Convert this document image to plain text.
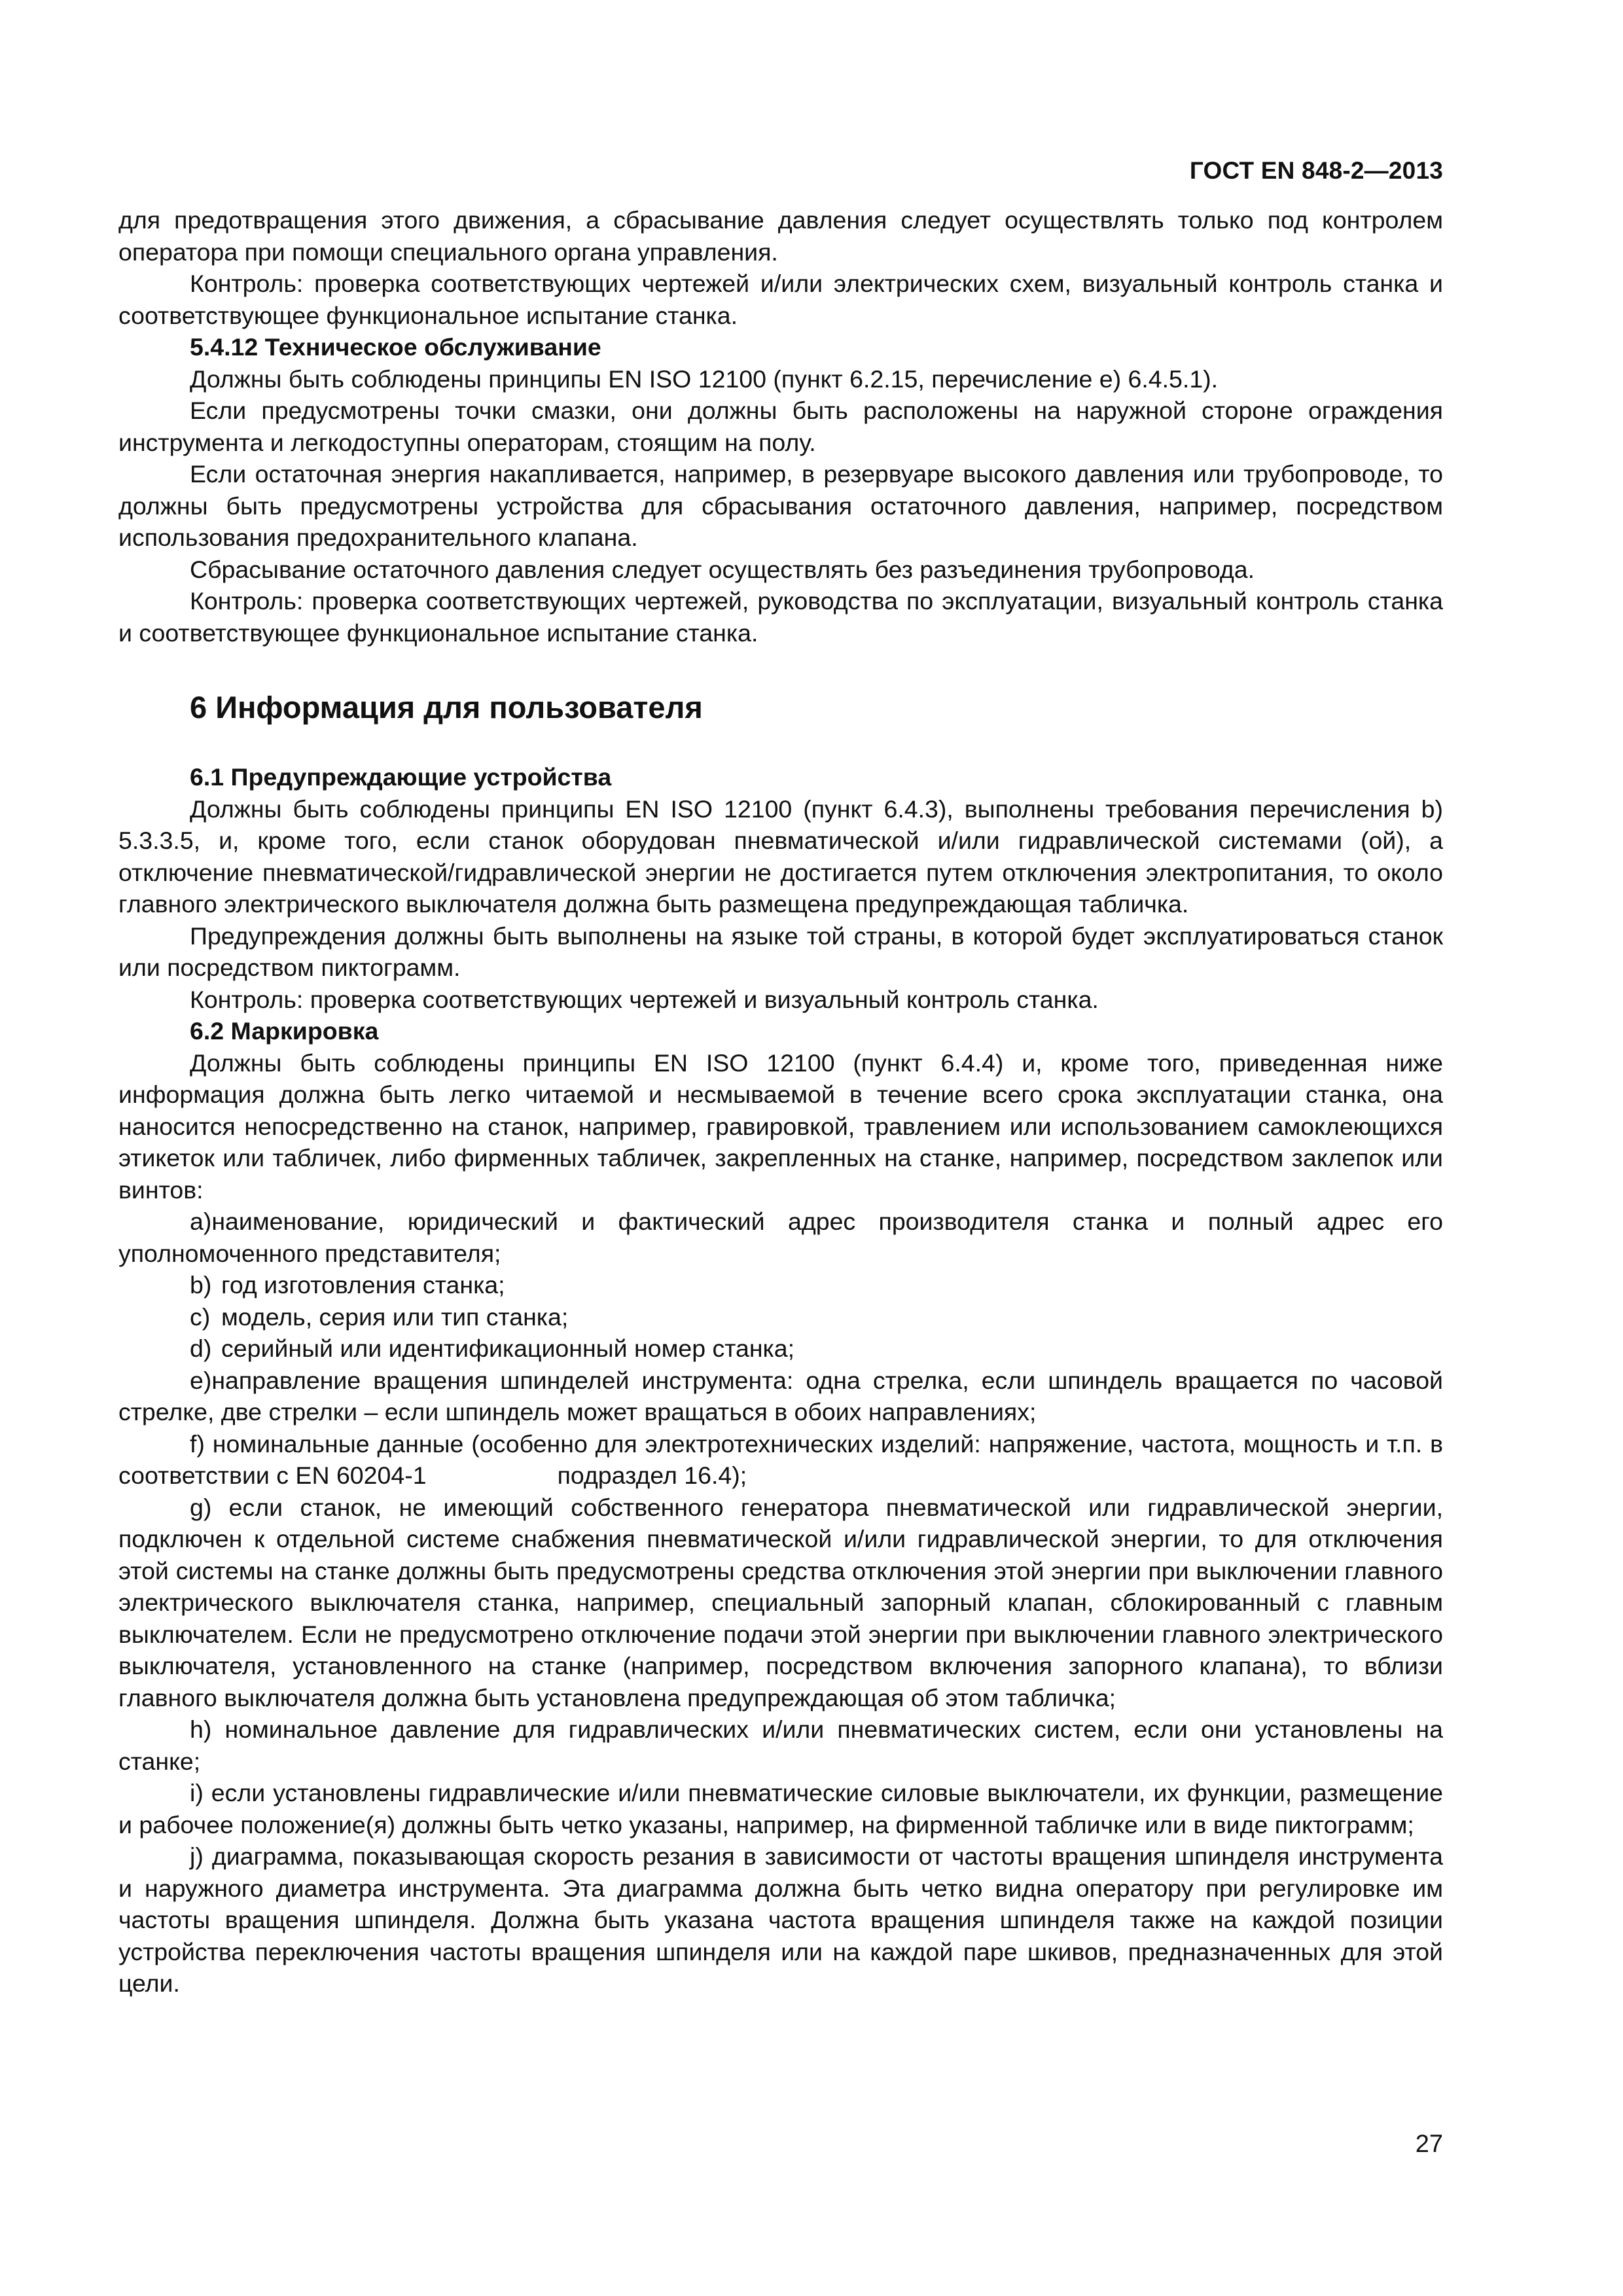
ГОСТ EN 848-2—2013

для предотвращения этого движения, а сбрасывание давления следует осуществлять только под контролем оператора при помощи специального органа управления.

Контроль: проверка соответствующих чертежей и/или электрических схем, визуальный контроль станка и соответствующее функциональное испытание станка.

5.4.12 Техническое обслуживание

Должны быть соблюдены принципы EN ISO 12100 (пункт 6.2.15, перечисление е) 6.4.5.1).

Если предусмотрены точки смазки, они должны быть расположены на наружной стороне ограждения инструмента и легкодоступны операторам, стоящим на полу.

Если остаточная энергия накапливается, например, в резервуаре высокого давления или трубопроводе, то должны быть предусмотрены устройства для сбрасывания остаточного давления, например, посредством использования предохранительного клапана.

Сбрасывание остаточного давления следует осуществлять без разъединения трубопровода.

Контроль: проверка соответствующих чертежей, руководства по эксплуатации, визуальный контроль станка и соответствующее функциональное испытание станка.

6 Информация для пользователя

6.1 Предупреждающие устройства

Должны быть соблюдены принципы EN ISO 12100 (пункт 6.4.3), выполнены требования перечисления b) 5.3.3.5, и, кроме того, если станок оборудован пневматической и/или гидравлической системами (ой), а отключение пневматической/гидравлической энергии не достигается путем отключения электропитания, то около главного электрического выключателя должна быть размещена предупреждающая табличка.

Предупреждения должны быть выполнены на языке той страны, в которой будет эксплуатироваться станок или посредством пиктограмм.

Контроль: проверка соответствующих чертежей и визуальный контроль станка.

6.2 Маркировка

Должны быть соблюдены принципы EN ISO 12100 (пункт 6.4.4) и, кроме того, приведенная ниже информация должна быть легко читаемой и несмываемой в течение всего срока эксплуатации станка, она наносится непосредственно на станок, например, гравировкой, травлением или использованием самоклеющихся этикеток или табличек, либо фирменных табличек, закрепленных на станке, например, посредством заклепок или винтов:

a)наименование, юридический и фактический адрес производителя станка и полный адрес его уполномоченного представителя;

b) год изготовления станка;

c) модель, серия или тип станка;

d) серийный или идентификационный номер станка;

e)направление вращения шпинделей инструмента: одна стрелка, если шпиндель вращается по часовой стрелке, две стрелки – если шпиндель может вращаться в обоих направлениях;

f) номинальные данные (особенно для электротехнических изделий: напряжение, частота, мощность и т.п. в соответствии с EN 60204-1	подраздел 16.4);

g) если станок, не имеющий собственного генератора пневматической или гидравлической энергии, подключен к отдельной системе снабжения пневматической и/или гидравлической энергии, то для отключения этой системы на станке должны быть предусмотрены средства отключения этой энергии при выключении главного электрического выключателя станка, например, специальный запорный клапан, сблокированный с главным выключателем. Если не предусмотрено отключение подачи этой энергии при выключении главного электрического выключателя, установленного на станке (например, посредством включения запорного клапана), то вблизи главного выключателя должна быть установлена предупреждающая об этом табличка;

h) номинальное давление для гидравлических и/или пневматических систем, если они установлены на станке;

i) если установлены гидравлические и/или пневматические силовые выключатели, их функции, размещение и рабочее положение(я) должны быть четко указаны, например, на фирменной табличке или в виде пиктограмм;

j) диаграмма, показывающая скорость резания в зависимости от частоты вращения шпинделя инструмента и наружного диаметра инструмента. Эта диаграмма должна быть четко видна оператору при регулировке им частоты вращения шпинделя. Должна быть указана частота вращения шпинделя также на каждой позиции устройства переключения частоты вращения шпинделя или на каждой паре шкивов, предназначенных для этой цели.

27
